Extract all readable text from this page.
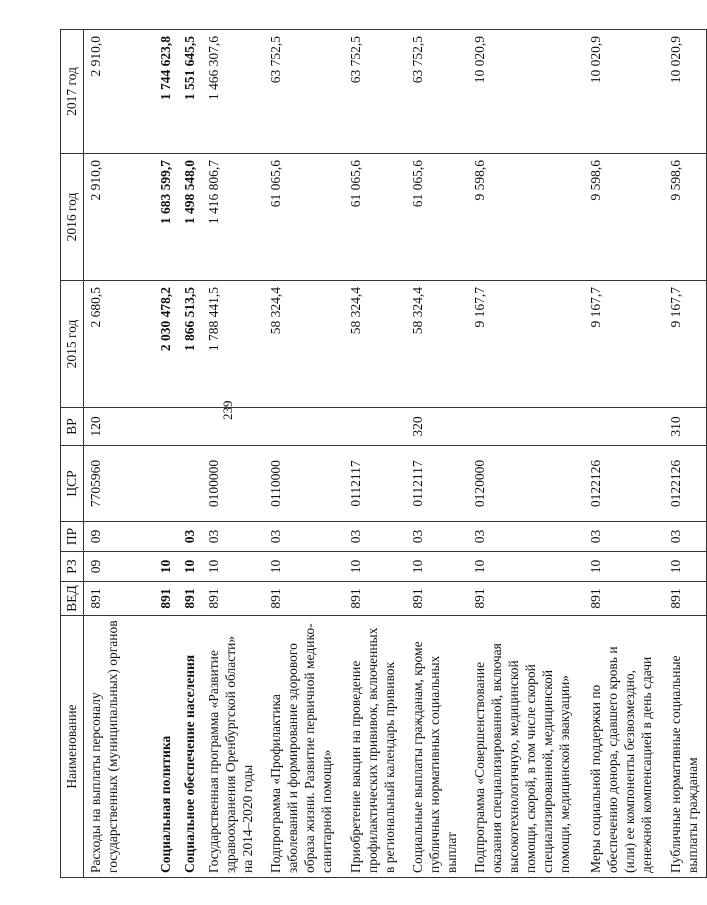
239
Наименование	ВЕД	РЗ	ПР	ЦСР	ВР	2015 год	2016 год	2017 год
Расходы на выплаты персоналу государственных (муниципальных) органов	891	09	09	7705960	120	2 680,5	2 910,0	2 910,0
Социальная политика	891	10				2 030 478,2	1 683 599,7	1 744 623,8
Социальное обеспечение населения	891	10	03			1 866 513,5	1 498 548,0	1 551 645,5
Государственная программа «Развитие здравоохранения Оренбургской области» на 2014–2020 годы	891	10	03	0100000		1 788 441,5	1 416 806,7	1 466 307,6
Подпрограмма «Профилактика заболеваний и формирование здорового образа жизни. Развитие первичной медико-санитарной помощи»	891	10	03	0110000		58 324,4	61 065,6	63 752,5
Приобретение вакцин на проведение профилактических прививок, включенных в региональный календарь прививок	891	10	03	0112117		58 324,4	61 065,6	63 752,5
Социальные выплаты гражданам, кроме публичных нормативных социальных выплат	891	10	03	0112117	320	58 324,4	61 065,6	63 752,5
Подпрограмма «Совершенствование оказания специализированной, включая высокотехнологичную, медицинской помощи, скорой, в том числе скорой специализированной, медицинской помощи, медицинской эвакуации»	891	10	03	0120000		9 167,7	9 598,6	10 020,9
Меры социальной поддержки по обеспечению донора, сдавшего кровь и (или) ее компоненты безвозмездно, денежной компенсацией в день сдачи	891	10	03	0122126		9 167,7	9 598,6	10 020,9
Публичные нормативные социальные выплаты гражданам	891	10	03	0122126	310	9 167,7	9 598,6	10 020,9
